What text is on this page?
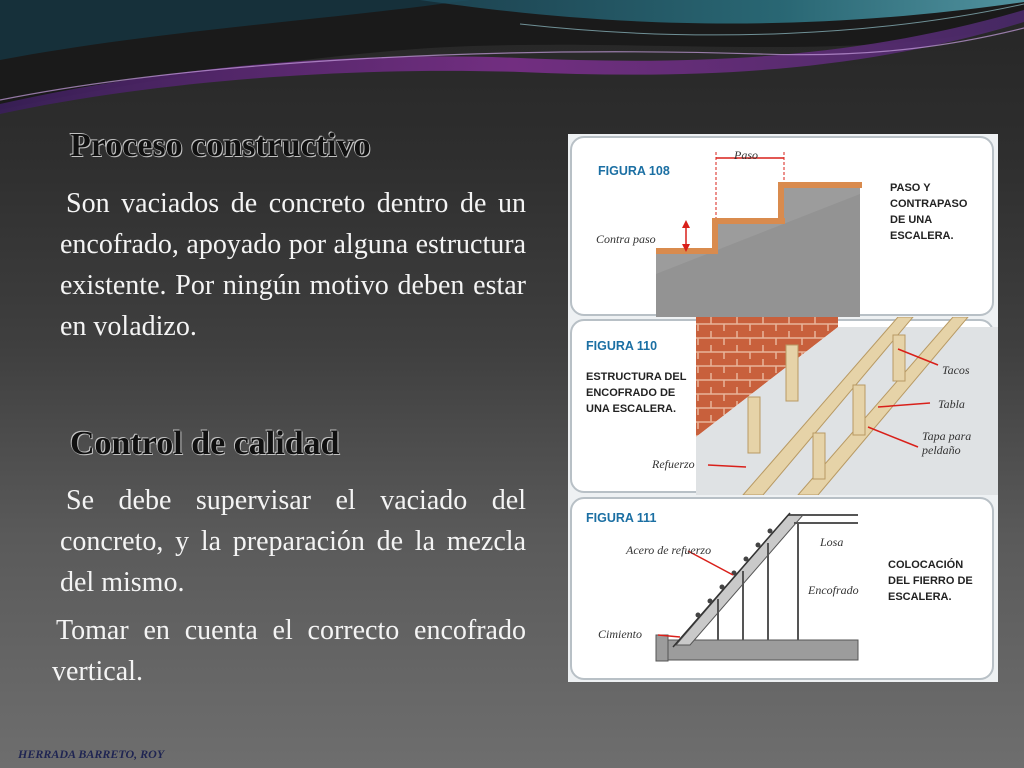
Proceso constructivo
Son vaciados de concreto dentro de un encofrado, apoyado por alguna estructura existente. Por ningún motivo deben estar en voladizo.
Control de calidad
Se debe supervisar el vaciado del concreto, y la preparación de la mezcla del mismo.
Tomar en cuenta el correcto encofrado vertical.
HERRADA BARRETO, ROY
FIGURA 108
Paso
Contra paso
PASO Y
CONTRAPASO
DE UNA
ESCALERA.
FIGURA 110
ESTRUCTURA DEL
ENCOFRADO DE
UNA ESCALERA.
Tacos
Tabla
Tapa para
peldaño
Refuerzo
FIGURA 111
Acero de refuerzo
Losa
Encofrado
Cimiento
COLOCACIÓN
DEL FIERRO DE
ESCALERA.
